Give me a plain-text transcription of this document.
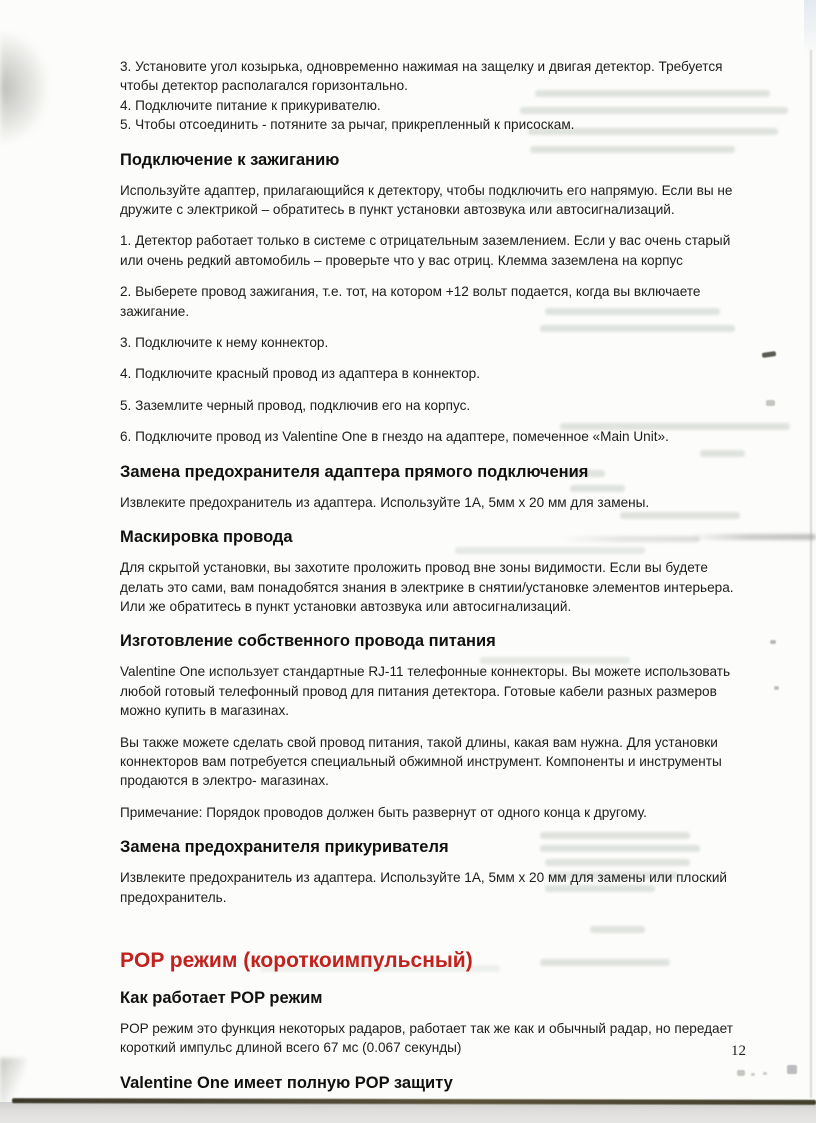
3. Установите угол козырька, одновременно нажимая на защелку и двигая детектор. Требуется чтобы детектор располагался горизонтально.
4. Подключите питание к прикуривателю.
5. Чтобы отсоединить - потяните за рычаг, прикрепленный к присоскам.
Подключение к зажиганию

Используйте адаптер, прилагающийся к детектору, чтобы подключить его напрямую. Если вы не дружите с электрикой – обратитесь в пункт установки автозвука или автосигнализаций.

1. Детектор работает только в системе с отрицательным заземлением. Если у вас очень старый или очень редкий автомобиль – проверьте что у вас отриц. Клемма заземлена на корпус

2. Выберете провод зажигания, т.е. тот, на котором +12 вольт подается, когда вы включаете зажигание.

3. Подключите к нему коннектор.

4. Подключите красный провод из адаптера в коннектор.

5. Заземлите черный провод, подключив его на корпус.

6. Подключите провод из Valentine One в гнездо на адаптере, помеченное «Main Unit».

Замена предохранителя адаптера прямого подключения

Извлеките предохранитель из адаптера. Используйте 1А, 5мм x 20 мм для замены.

Маскировка провода

Для скрытой установки, вы захотите проложить провод вне зоны видимости. Если вы будете делать это сами, вам понадобятся знания в электрике в снятии/установке элементов интерьера. Или же обратитесь в пункт установки автозвука или автосигнализаций.

Изготовление собственного провода питания

Valentine One использует стандартные RJ-11 телефонные коннекторы. Вы можете использовать любой готовый телефонный провод для питания детектора. Готовые кабели разных размеров можно купить в магазинах.

Вы также можете сделать свой провод питания, такой длины, какая вам нужна. Для установки коннекторов вам потребуется специальный обжимной инструмент. Компоненты и инструменты продаются в электро- магазинах.

Примечание: Порядок проводов должен быть развернут от одного конца к другому.

Замена предохранителя прикуривателя

Извлеките предохранитель из адаптера. Используйте 1А, 5мм x 20 мм для замены или плоский предохранитель.

POP режим (короткоимпульсный)
Как работает POP режим

POP режим это функция некоторых радаров, работает так же как и обычный радар, но передает короткий импульс длиной всего 67 мс (0.067 секунды)

Valentine One имеет полную POP защиту
12
